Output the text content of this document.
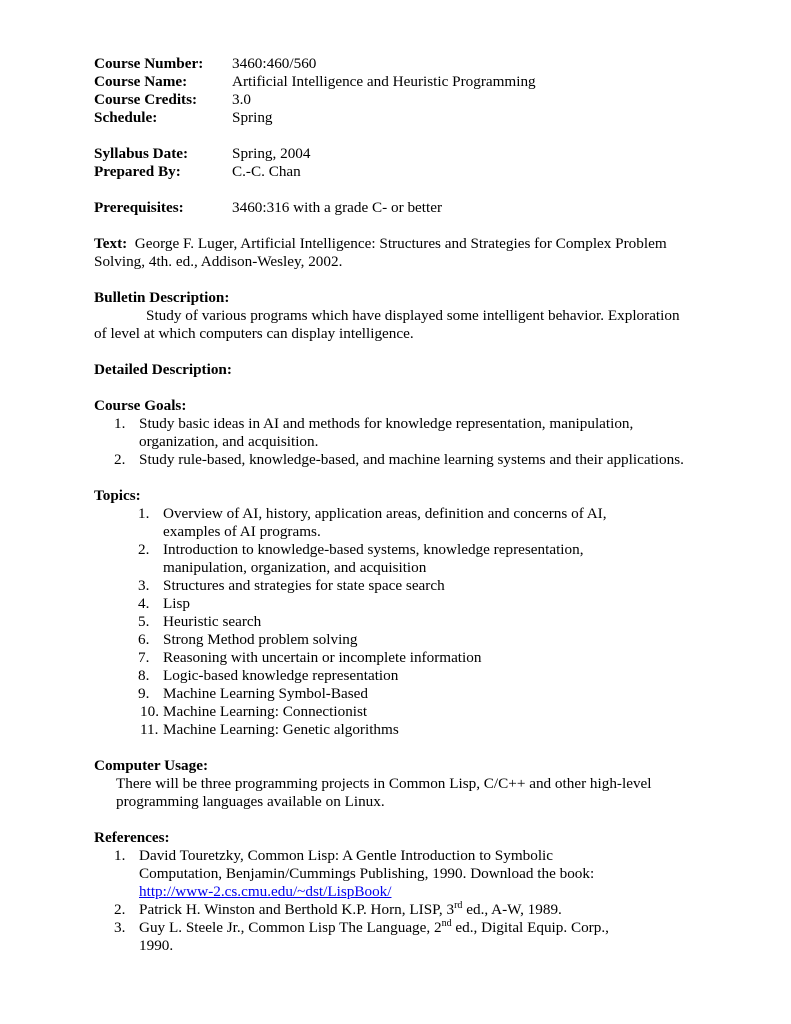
Course Number:	3460:460/560
Course Name:	Artificial Intelligence and Heuristic Programming
Course Credits:	3.0
Schedule:	Spring
Syllabus Date:	Spring, 2004
Prepared By:	C.-C. Chan
Prerequisites:	3460:316 with a grade C- or better
Text: George F. Luger, Artificial Intelligence: Structures and Strategies for Complex Problem
Solving, 4th. ed., Addison-Wesley, 2002.
Bulletin Description:
Study of various programs which have displayed some intelligent behavior. Exploration
of level at which computers can display intelligence.
Detailed Description:
Course Goals:
1. Study basic ideas in AI and methods for knowledge representation, manipulation,
organization, and acquisition.
2. Study rule-based, knowledge-based, and machine learning systems and their applications.
Topics:
1. Overview of AI, history, application areas, definition and concerns of AI,
examples of AI programs.
2. Introduction to knowledge-based systems, knowledge representation,
manipulation, organization, and acquisition
3. Structures and strategies for state space search
4. Lisp
5. Heuristic search
6. Strong Method problem solving
7. Reasoning with uncertain or incomplete information
8. Logic-based knowledge representation
9. Machine Learning Symbol-Based
10. Machine Learning: Connectionist
11. Machine Learning: Genetic algorithms
Computer Usage:
There will be three programming projects in Common Lisp, C/C++ and other high-level
programming languages available on Linux.
References:
1. David Touretzky, Common Lisp: A Gentle Introduction to Symbolic
Computation, Benjamin/Cummings Publishing, 1990. Download the book:
http://www-2.cs.cmu.edu/~dst/LispBook/
2. Patrick H. Winston and Berthold K.P. Horn, LISP, 3rd ed., A-W, 1989.
3. Guy L. Steele Jr., Common Lisp The Language, 2nd ed., Digital Equip. Corp.,
1990.
